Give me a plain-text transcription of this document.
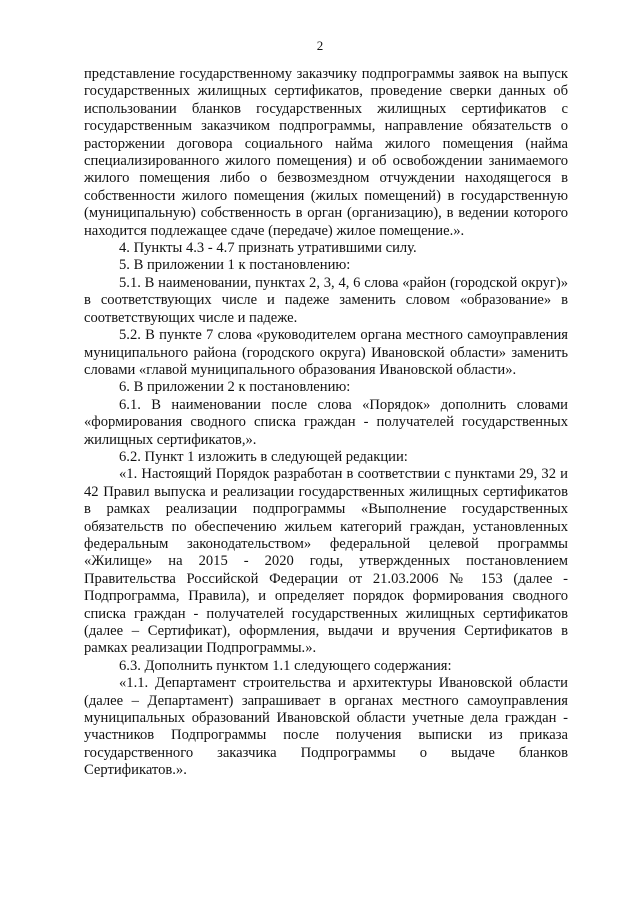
2

представление государственному заказчику подпрограммы заявок на выпуск государственных жилищных сертификатов, проведение сверки данных об использовании бланков государственных жилищных сертификатов с государственным заказчиком подпрограммы, направление обязательств о расторжении договора социального найма жилого помещения (найма специализированного жилого помещения) и об освобождении занимаемого жилого помещения либо о безвозмездном отчуждении находящегося в собственности жилого помещения (жилых помещений) в государственную (муниципальную) собственность в орган (организацию), в ведении которого находится подлежащее сдаче (передаче) жилое помещение.».

4. Пункты 4.3 - 4.7 признать утратившими силу.

5. В приложении 1 к постановлению:

5.1. В наименовании, пунктах 2, 3, 4, 6 слова «район (городской округ)» в соответствующих числе и падеже заменить словом «образование» в соответствующих числе и падеже.

5.2. В пункте 7 слова «руководителем органа местного самоуправления муниципального района (городского округа) Ивановской области» заменить словами «главой муниципального образования Ивановской области».

6. В приложении 2 к постановлению:

6.1. В наименовании после слова «Порядок» дополнить словами «формирования сводного списка граждан - получателей государственных жилищных сертификатов,».

6.2. Пункт 1 изложить в следующей редакции:

«1. Настоящий Порядок разработан в соответствии с пунктами 29, 32 и 42 Правил выпуска и реализации государственных жилищных сертификатов в рамках реализации подпрограммы «Выполнение государственных обязательств по обеспечению жильем категорий граждан, установленных федеральным законодательством» федеральной целевой программы «Жилище» на 2015 - 2020 годы, утвержденных постановлением Правительства Российской Федерации от 21.03.2006 № 153 (далее - Подпрограмма, Правила), и определяет порядок формирования сводного списка граждан - получателей государственных жилищных сертификатов (далее – Сертификат), оформления, выдачи и вручения Сертификатов в рамках реализации Подпрограммы.».

6.3. Дополнить пунктом 1.1 следующего содержания:

«1.1. Департамент строительства и архитектуры Ивановской области (далее – Департамент) запрашивает в органах местного самоуправления муниципальных образований Ивановской области учетные дела граждан - участников Подпрограммы после получения выписки из приказа государственного заказчика Подпрограммы о выдаче бланков Сертификатов.».
